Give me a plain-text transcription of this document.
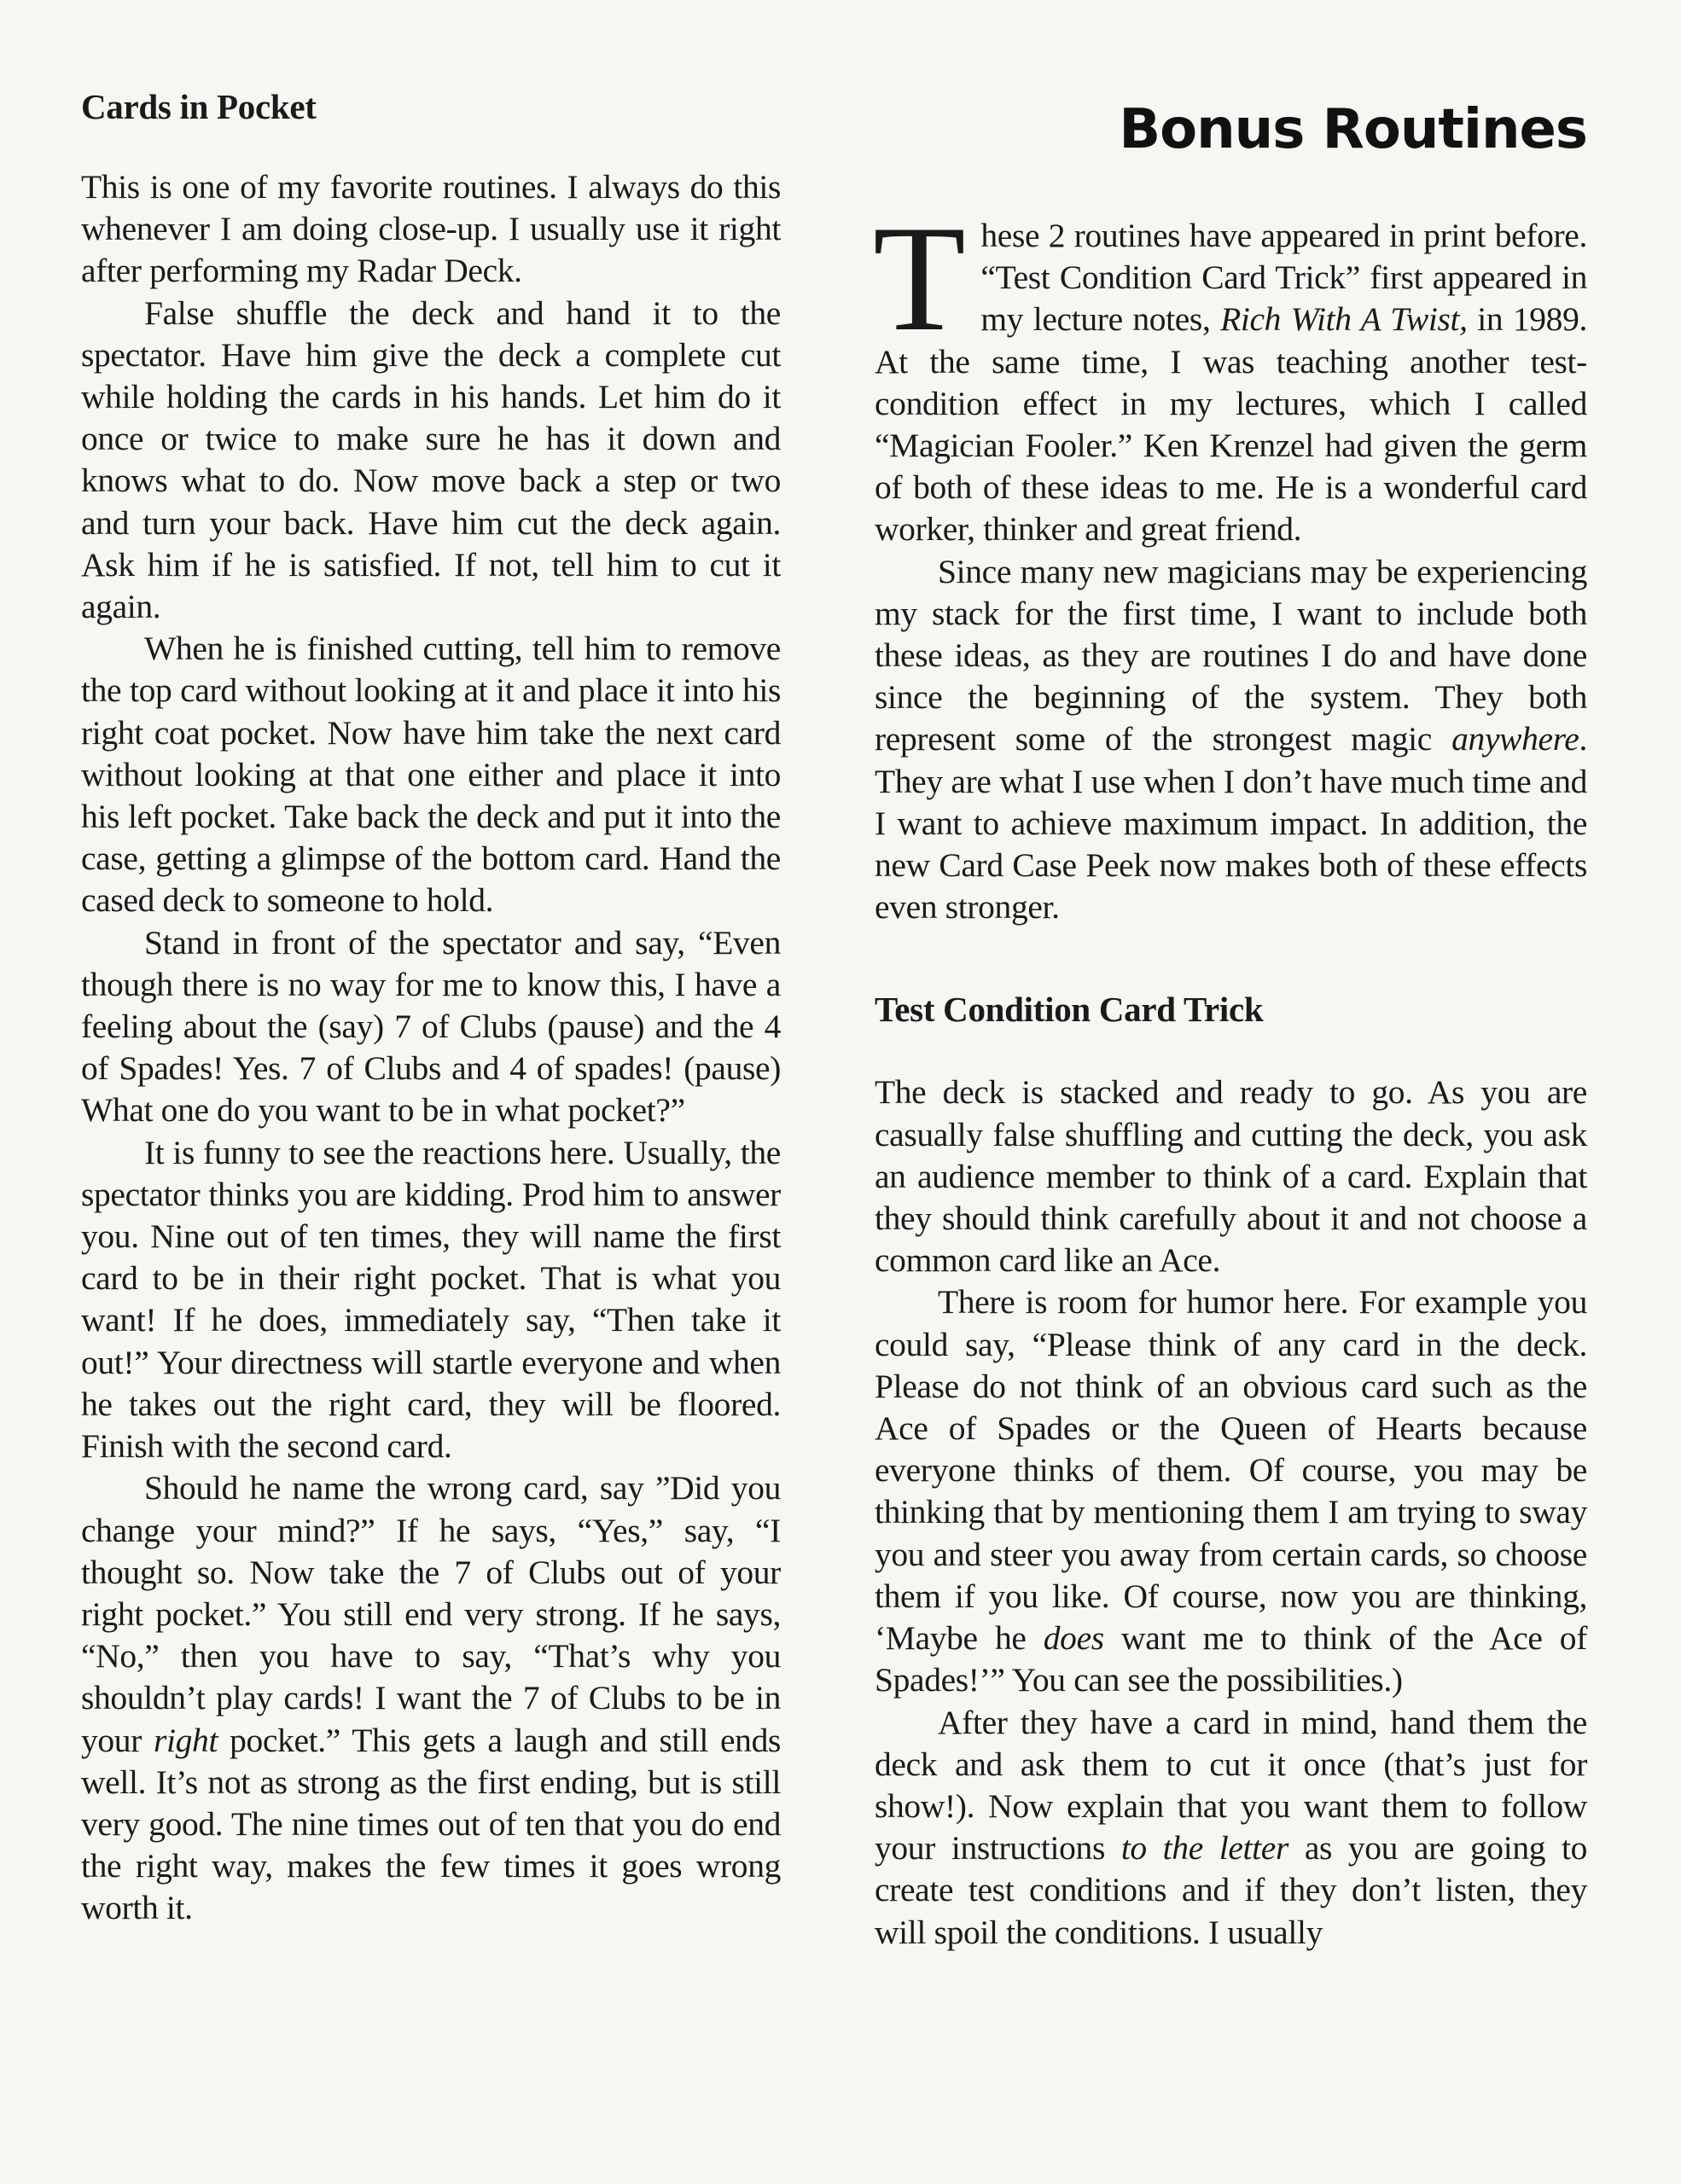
Cards in Pocket

This is one of my favorite routines. I always do this whenever I am doing close-up. I usually use it right after performing my Radar Deck.

False shuffle the deck and hand it to the spectator. Have him give the deck a complete cut while holding the cards in his hands. Let him do it once or twice to make sure he has it down and knows what to do. Now move back a step or two and turn your back. Have him cut the deck again. Ask him if he is satisfied. If not, tell him to cut it again.

When he is finished cutting, tell him to remove the top card without looking at it and place it into his right coat pocket. Now have him take the next card without looking at that one either and place it into his left pocket. Take back the deck and put it into the case, getting a glimpse of the bottom card. Hand the cased deck to someone to hold.

Stand in front of the spectator and say, “Even though there is no way for me to know this, I have a feeling about the (say) 7 of Clubs (pause) and the 4 of Spades! Yes. 7 of Clubs and 4 of spades! (pause) What one do you want to be in what pocket?”

It is funny to see the reactions here. Usually, the spectator thinks you are kidding. Prod him to answer you. Nine out of ten times, they will name the first card to be in their right pocket. That is what you want! If he does, immediately say, “Then take it out!” Your directness will startle everyone and when he takes out the right card, they will be floored. Finish with the second card.

Should he name the wrong card, say ”Did you change your mind?” If he says, “Yes,” say, “I thought so. Now take the 7 of Clubs out of your right pocket.” You still end very strong. If he says, “No,” then you have to say, “That’s why you shouldn’t play cards! I want the 7 of Clubs to be in your right pocket.” This gets a laugh and still ends well. It’s not as strong as the first ending, but is still very good. The nine times out of ten that you do end the right way, makes the few times it goes wrong worth it.

Bonus Routines

These 2 routines have appeared in print before. “Test Condition Card Trick” first appeared in my lecture notes, Rich With A Twist, in 1989. At the same time, I was teaching another test-condition effect in my lectures, which I called “Magician Fooler.” Ken Krenzel had given the germ of both of these ideas to me. He is a wonderful card worker, thinker and great friend.

Since many new magicians may be experiencing my stack for the first time, I want to include both these ideas, as they are routines I do and have done since the beginning of the system. They both represent some of the strongest magic anywhere. They are what I use when I don’t have much time and I want to achieve maximum impact. In addition, the new Card Case Peek now makes both of these effects even stronger.

Test Condition Card Trick

The deck is stacked and ready to go. As you are casually false shuffling and cutting the deck, you ask an audience member to think of a card. Explain that they should think carefully about it and not choose a common card like an Ace.

There is room for humor here. For example you could say, “Please think of any card in the deck. Please do not think of an obvious card such as the Ace of Spades or the Queen of Hearts because everyone thinks of them. Of course, you may be thinking that by mentioning them I am trying to sway you and steer you away from certain cards, so choose them if you like. Of course, now you are thinking, ‘Maybe he does want me to think of the Ace of Spades!’” You can see the possibilities.)

After they have a card in mind, hand them the deck and ask them to cut it once (that’s just for show!). Now explain that you want them to follow your instructions to the letter as you are going to create test conditions and if they don’t listen, they will spoil the conditions. I usually
